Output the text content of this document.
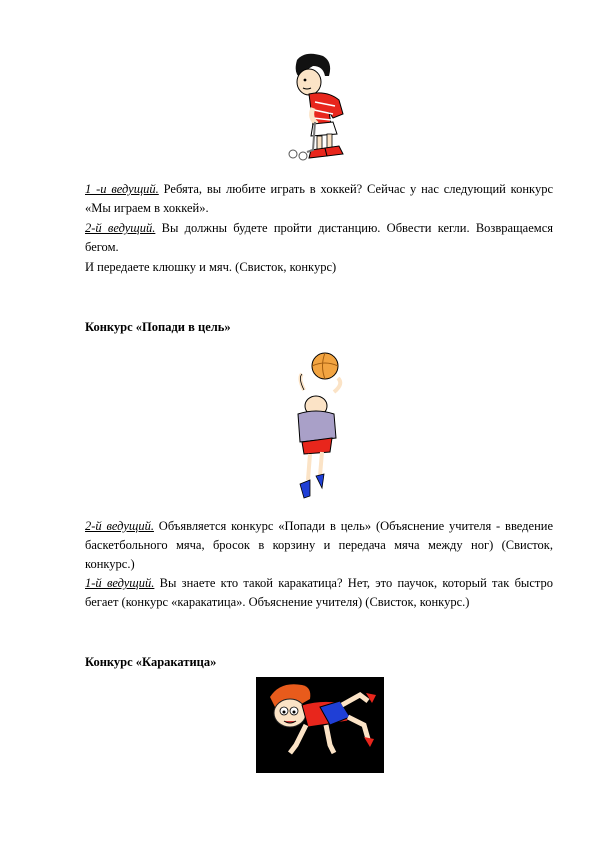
1 -и ведущий. Ребята, вы любите играть в хоккей? Сейчас у нас следующий конкурс «Мы играем в хоккей».

2-й ведущий. Вы должны будете пройти дистанцию. Обвести кегли. Возвращаемся бегом.

И передаете клюшку и мяч. (Свисток, конкурс)

Конкурс «Попади в цель»

2-й ведущий. Объявляется конкурс «Попади в цель» (Объяснение учителя - введение баскетбольного мяча, бросок в корзину и передача мяча между ног) (Свисток, конкурс.)

1-й ведущий. Вы знаете кто такой каракатица? Нет, это паучок, который так быстро бегает (конкурс «каракатица». Объяснение учителя) (Свисток, конкурс.)

Конкурс «Каракатица»
